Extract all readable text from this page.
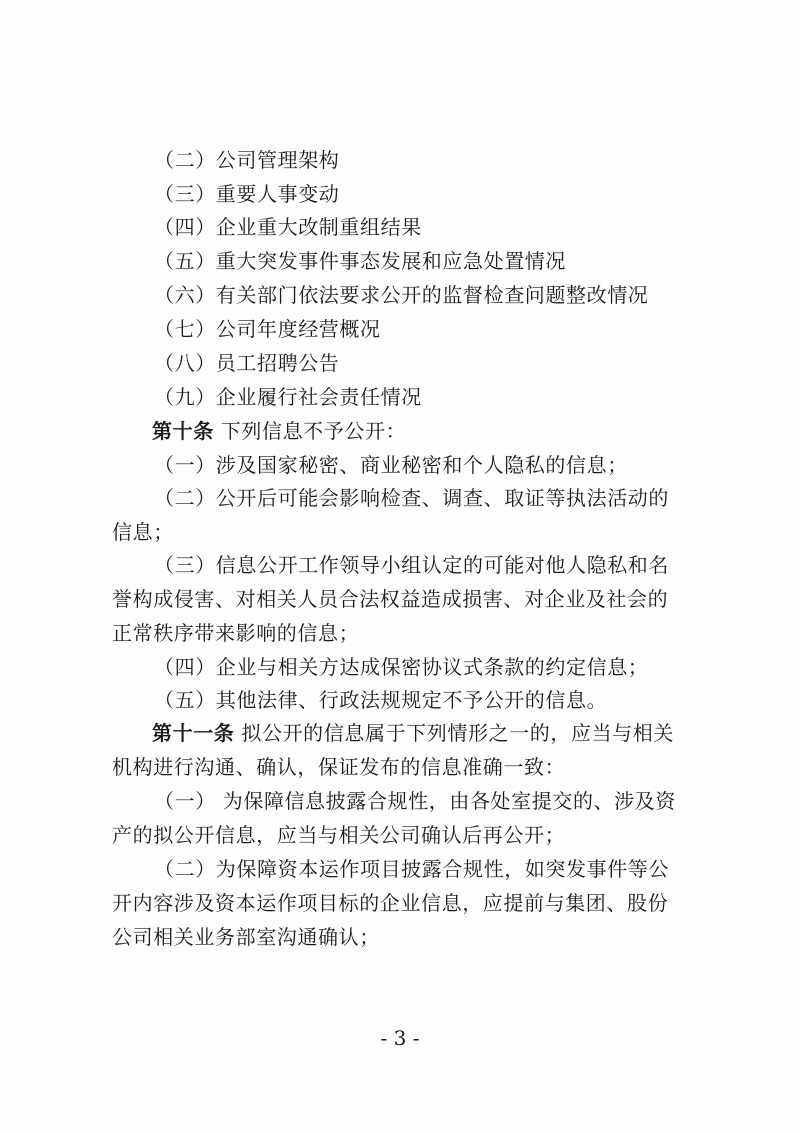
（二）公司管理架构
（三）重要人事变动
（四）企业重大改制重组结果
（五）重大突发事件事态发展和应急处置情况
（六）有关部门依法要求公开的监督检查问题整改情况
（七）公司年度经营概况
（八）员工招聘公告
（九）企业履行社会责任情况
第十条 下列信息不予公开：
（一）涉及国家秘密、商业秘密和个人隐私的信息；
（二）公开后可能会影响检查、调查、取证等执法活动的
信息；
（三）信息公开工作领导小组认定的可能对他人隐私和名
誉构成侵害、对相关人员合法权益造成损害、对企业及社会的
正常秩序带来影响的信息；
（四）企业与相关方达成保密协议式条款的约定信息；
（五）其他法律、行政法规规定不予公开的信息。
第十一条 拟公开的信息属于下列情形之一的，应当与相关
机构进行沟通、确认，保证发布的信息准确一致：
（一） 为保障信息披露合规性，由各处室提交的、涉及资
产的拟公开信息，应当与相关公司确认后再公开；
（二）为保障资本运作项目披露合规性，如突发事件等公
开内容涉及资本运作项目标的企业信息，应提前与集团、股份
公司相关业务部室沟通确认；
- 3 -
